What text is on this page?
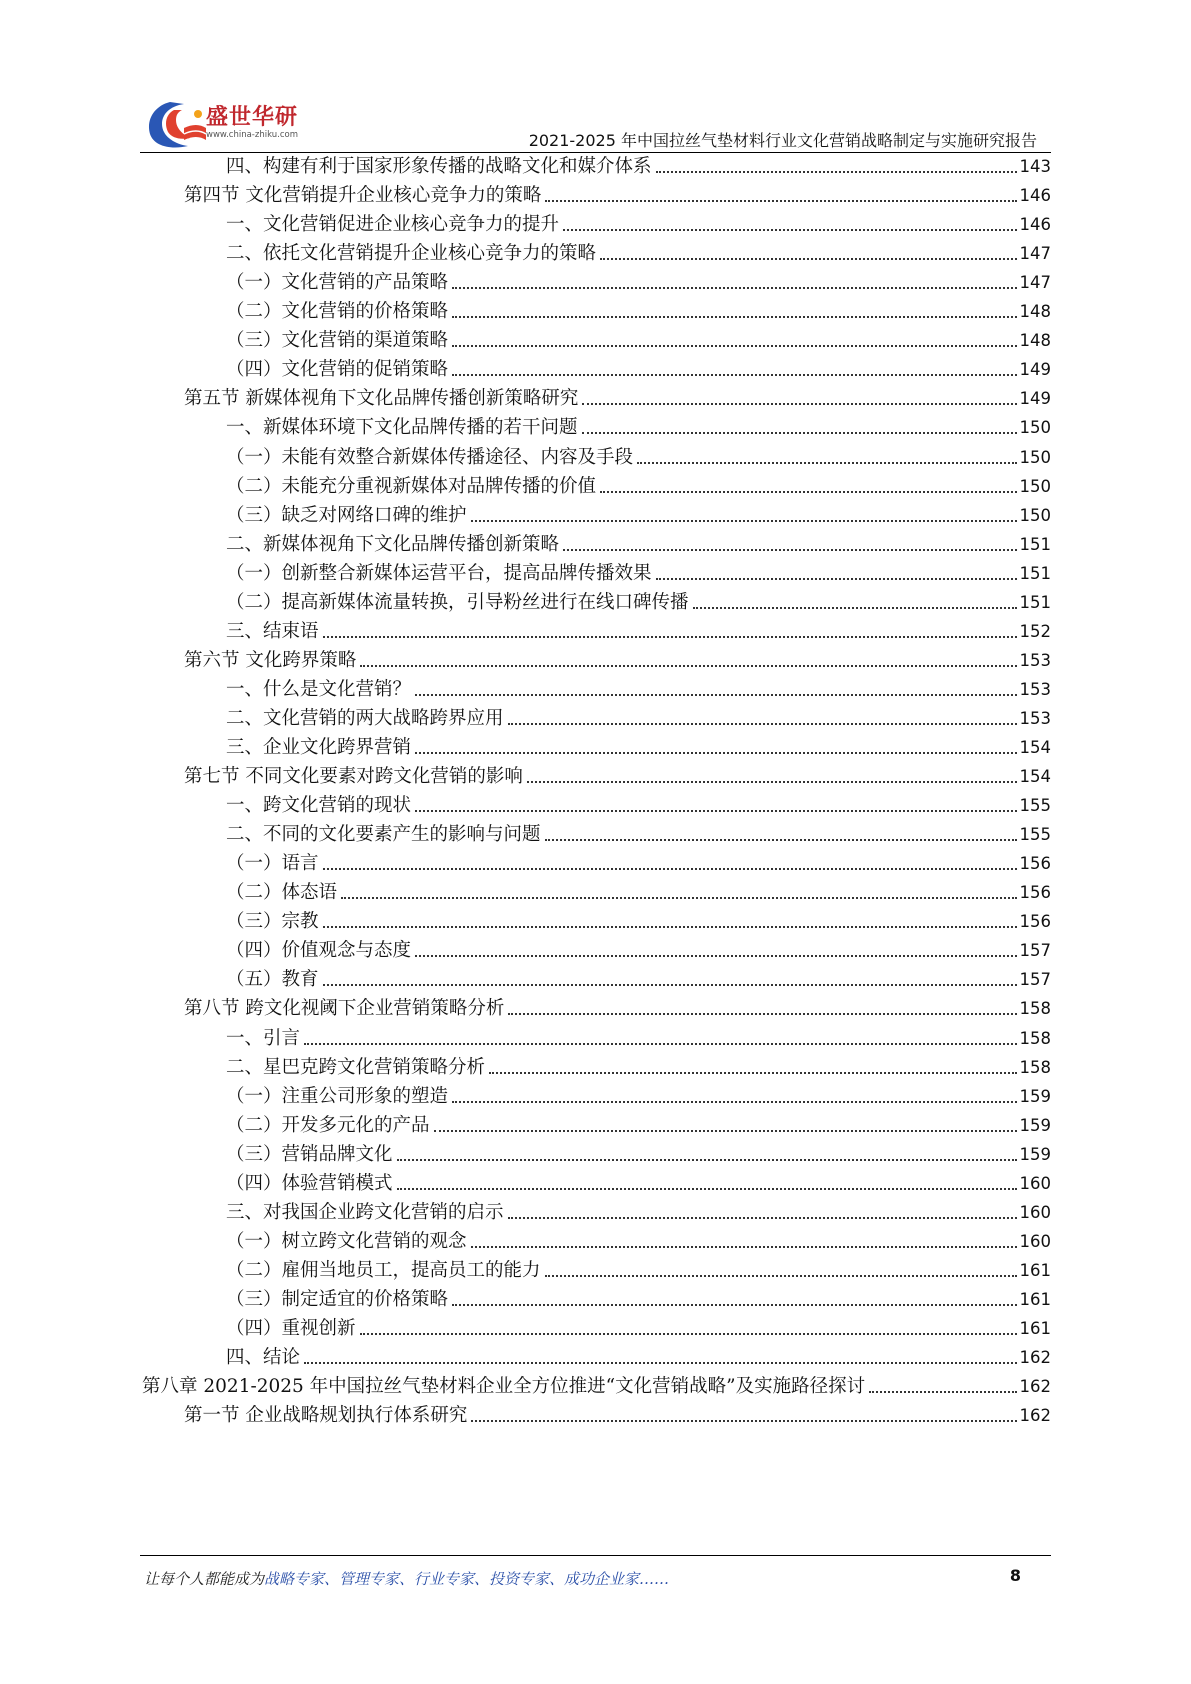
盛世华研
www.china-zhiku.com	2021-2025 年中国拉丝气垫材料行业文化营销战略制定与实施研究报告
四、构建有利于国家形象传播的战略文化和媒介体系	143
第四节 文化营销提升企业核心竞争力的策略	146
一、文化营销促进企业核心竞争力的提升	146
二、依托文化营销提升企业核心竞争力的策略	147
（一）文化营销的产品策略	147
（二）文化营销的价格策略	148
（三）文化营销的渠道策略	148
（四）文化营销的促销策略	149
第五节 新媒体视角下文化品牌传播创新策略研究	149
一、新媒体环境下文化品牌传播的若干问题	150
（一）未能有效整合新媒体传播途径、内容及手段	150
（二）未能充分重视新媒体对品牌传播的价值	150
（三）缺乏对网络口碑的维护	150
二、新媒体视角下文化品牌传播创新策略	151
（一）创新整合新媒体运营平台，提高品牌传播效果	151
（二）提高新媒体流量转换，引导粉丝进行在线口碑传播	151
三、结束语	152
第六节 文化跨界策略	153
一、什么是文化营销？	153
二、文化营销的两大战略跨界应用	153
三、企业文化跨界营销	154
第七节 不同文化要素对跨文化营销的影响	154
一、跨文化营销的现状	155
二、不同的文化要素产生的影响与问题	155
（一）语言	156
（二）体态语	156
（三）宗教	156
（四）价值观念与态度	157
（五）教育	157
第八节 跨文化视阈下企业营销策略分析	158
一、引言	158
二、星巴克跨文化营销策略分析	158
（一）注重公司形象的塑造	159
（二）开发多元化的产品	159
（三）营销品牌文化	159
（四）体验营销模式	160
三、对我国企业跨文化营销的启示	160
（一）树立跨文化营销的观念	160
（二）雇佣当地员工，提高员工的能力	161
（三）制定适宜的价格策略	161
（四）重视创新	161
四、结论	162
第八章 2021-2025 年中国拉丝气垫材料企业全方位推进“文化营销战略”及实施路径探讨	162
第一节 企业战略规划执行体系研究	162
让每个人都能成为战略专家、管理专家、行业专家、投资专家、成功企业家……	8
